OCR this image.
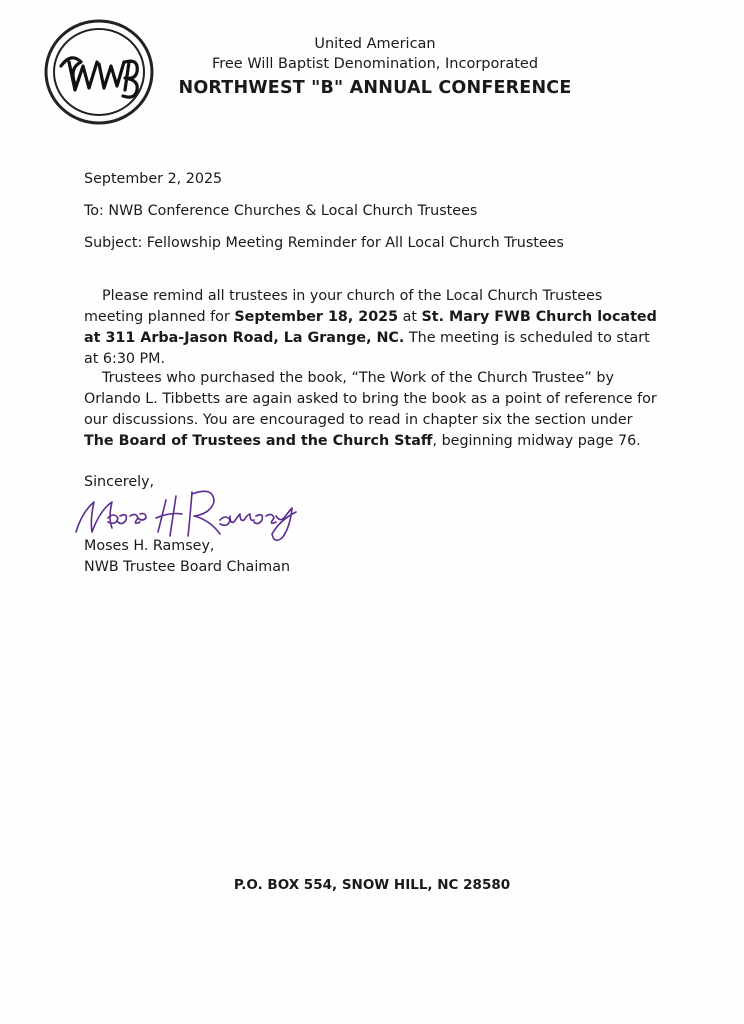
United American
Free Will Baptist Denomination, Incorporated
NORTHWEST "B" ANNUAL CONFERENCE
September 2, 2025
To: NWB Conference Churches & Local Church Trustees
Subject: Fellowship Meeting Reminder for All Local Church Trustees
Please remind all trustees in your church of the Local Church Trustees meeting planned for September 18, 2025 at St. Mary FWB Church located at 311 Arba-Jason Road, La Grange, NC. The meeting is scheduled to start at 6:30 PM.
Trustees who purchased the book, “The Work of the Church Trustee” by Orlando L. Tibbetts are again asked to bring the book as a point of reference for our discussions. You are encouraged to read in chapter six the section under The Board of Trustees and the Church Staff, beginning midway page 76.
Sincerely,
Moses H. Ramsey,
NWB Trustee Board Chaiman
P.O. BOX 554, SNOW HILL, NC 28580
